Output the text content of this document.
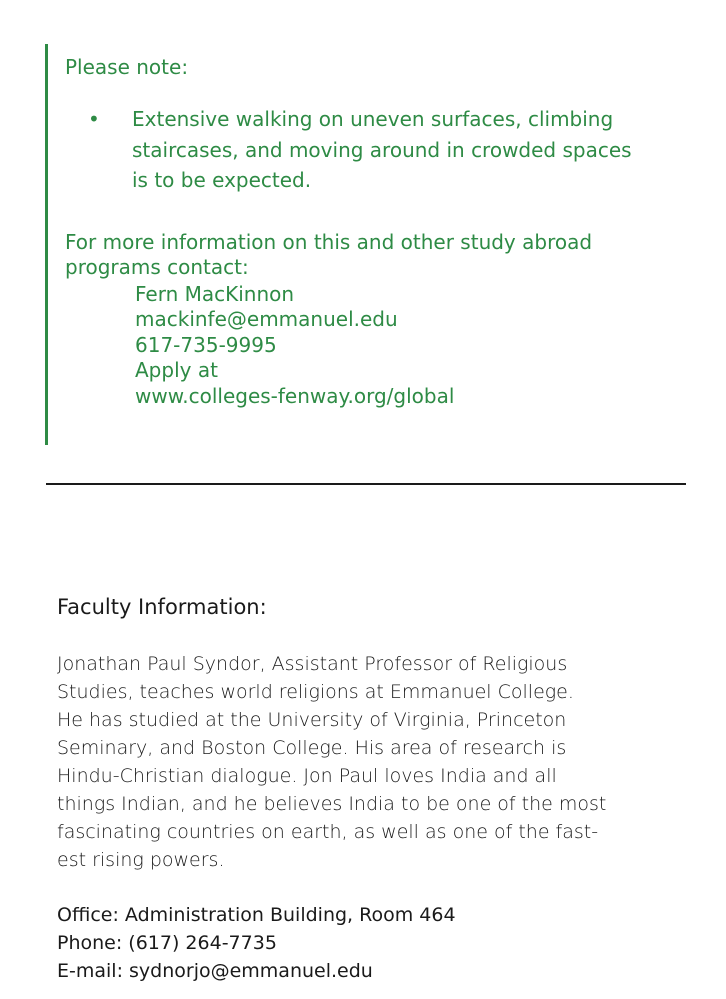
Please note:

• Extensive walking on uneven surfaces, climbing
staircases, and moving around in crowded spaces
is to be expected.

For more information on this and other study abroad
programs contact:

Fern MacKinnon
mackinfe@emmanuel.edu
617-735-9995
Apply at
www.colleges-fenway.org/global
Faculty Information:

Jonathan Paul Syndor, Assistant Professor of Religious
Studies, teaches world religions at Emmanuel College.
He has studied at the University of Virginia, Princeton
Seminary, and Boston College. His area of research is
Hindu-Christian dialogue. Jon Paul loves India and all
things Indian, and he believes India to be one of the most
fascinating countries on earth, as well as one of the fast-
est rising powers.

Office: Administration Building, Room 464
Phone: (617) 264-7735
E-mail: sydnorjo@emmanuel.edu
